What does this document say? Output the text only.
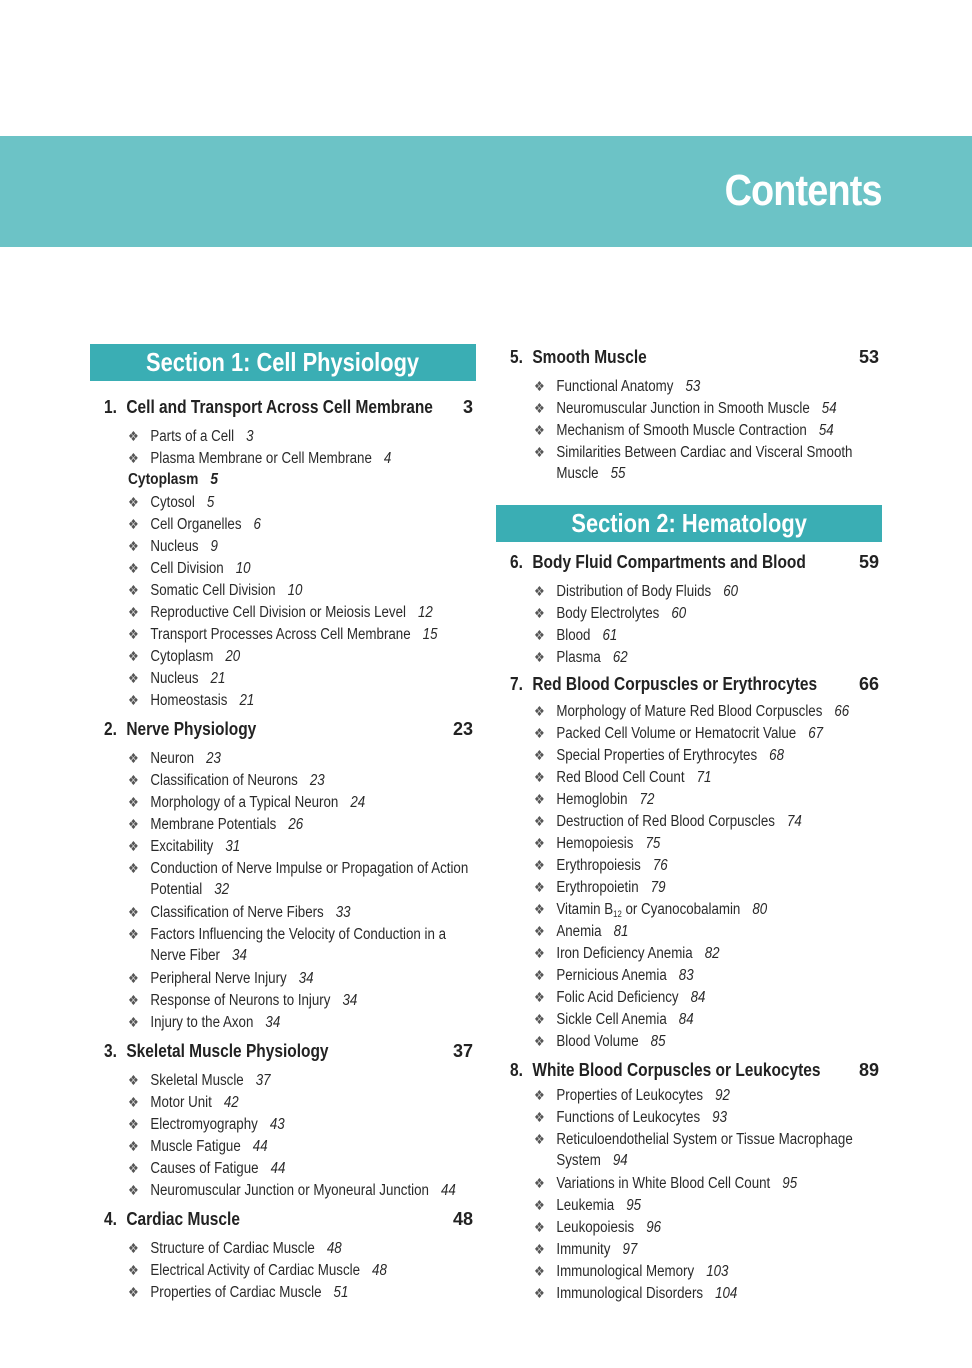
Contents
Section 1: Cell Physiology
1. Cell and Transport Across Cell Membrane	3
❖ Parts of a Cell 3
❖ Plasma Membrane or Cell Membrane 4
Cytoplasm 5
❖ Cytosol 5
❖ Cell Organelles 6
❖ Nucleus 9
❖ Cell Division 10
❖ Somatic Cell Division 10
❖ Reproductive Cell Division or Meiosis Level 12
❖ Transport Processes Across Cell Membrane 15
❖ Cytoplasm 20
❖ Nucleus 21
❖ Homeostasis 21
2. Nerve Physiology	23
❖ Neuron 23
❖ Classification of Neurons 23
❖ Morphology of a Typical Neuron 24
❖ Membrane Potentials 26
❖ Excitability 31
❖ Conduction of Nerve Impulse or Propagation of Action
Potential 32
❖ Classification of Nerve Fibers 33
❖ Factors Influencing the Velocity of Conduction in a
Nerve Fiber 34
❖ Peripheral Nerve Injury 34
❖ Response of Neurons to Injury 34
❖ Injury to the Axon 34
3. Skeletal Muscle Physiology	37
❖ Skeletal Muscle 37
❖ Motor Unit 42
❖ Electromyography 43
❖ Muscle Fatigue 44
❖ Causes of Fatigue 44
❖ Neuromuscular Junction or Myoneural Junction 44
4. Cardiac Muscle	48
❖ Structure of Cardiac Muscle 48
❖ Electrical Activity of Cardiac Muscle 48
❖ Properties of Cardiac Muscle 51
5. Smooth Muscle	53
❖ Functional Anatomy 53
❖ Neuromuscular Junction in Smooth Muscle 54
❖ Mechanism of Smooth Muscle Contraction 54
❖ Similarities Between Cardiac and Visceral Smooth
Muscle 55
Section 2: Hematology
6. Body Fluid Compartments and Blood	59
❖ Distribution of Body Fluids 60
❖ Body Electrolytes 60
❖ Blood 61
❖ Plasma 62
7. Red Blood Corpuscles or Erythrocytes	66
❖ Morphology of Mature Red Blood Corpuscles 66
❖ Packed Cell Volume or Hematocrit Value 67
❖ Special Properties of Erythrocytes 68
❖ Red Blood Cell Count 71
❖ Hemoglobin 72
❖ Destruction of Red Blood Corpuscles 74
❖ Hemopoiesis 75
❖ Erythropoiesis 76
❖ Erythropoietin 79
❖ Vitamin $B_{12}$ or Cyanocobalamin 80
❖ Anemia 81
❖ Iron Deficiency Anemia 82
❖ Pernicious Anemia 83
❖ Folic Acid Deficiency 84
❖ Sickle Cell Anemia 84
❖ Blood Volume 85
8. White Blood Corpuscles or Leukocytes	89
❖ Properties of Leukocytes 92
❖ Functions of Leukocytes 93
❖ Reticuloendothelial System or Tissue Macrophage
System 94
❖ Variations in White Blood Cell Count 95
❖ Leukemia 95
❖ Leukopoiesis 96
❖ Immunity 97
❖ Immunological Memory 103
❖ Immunological Disorders 104
